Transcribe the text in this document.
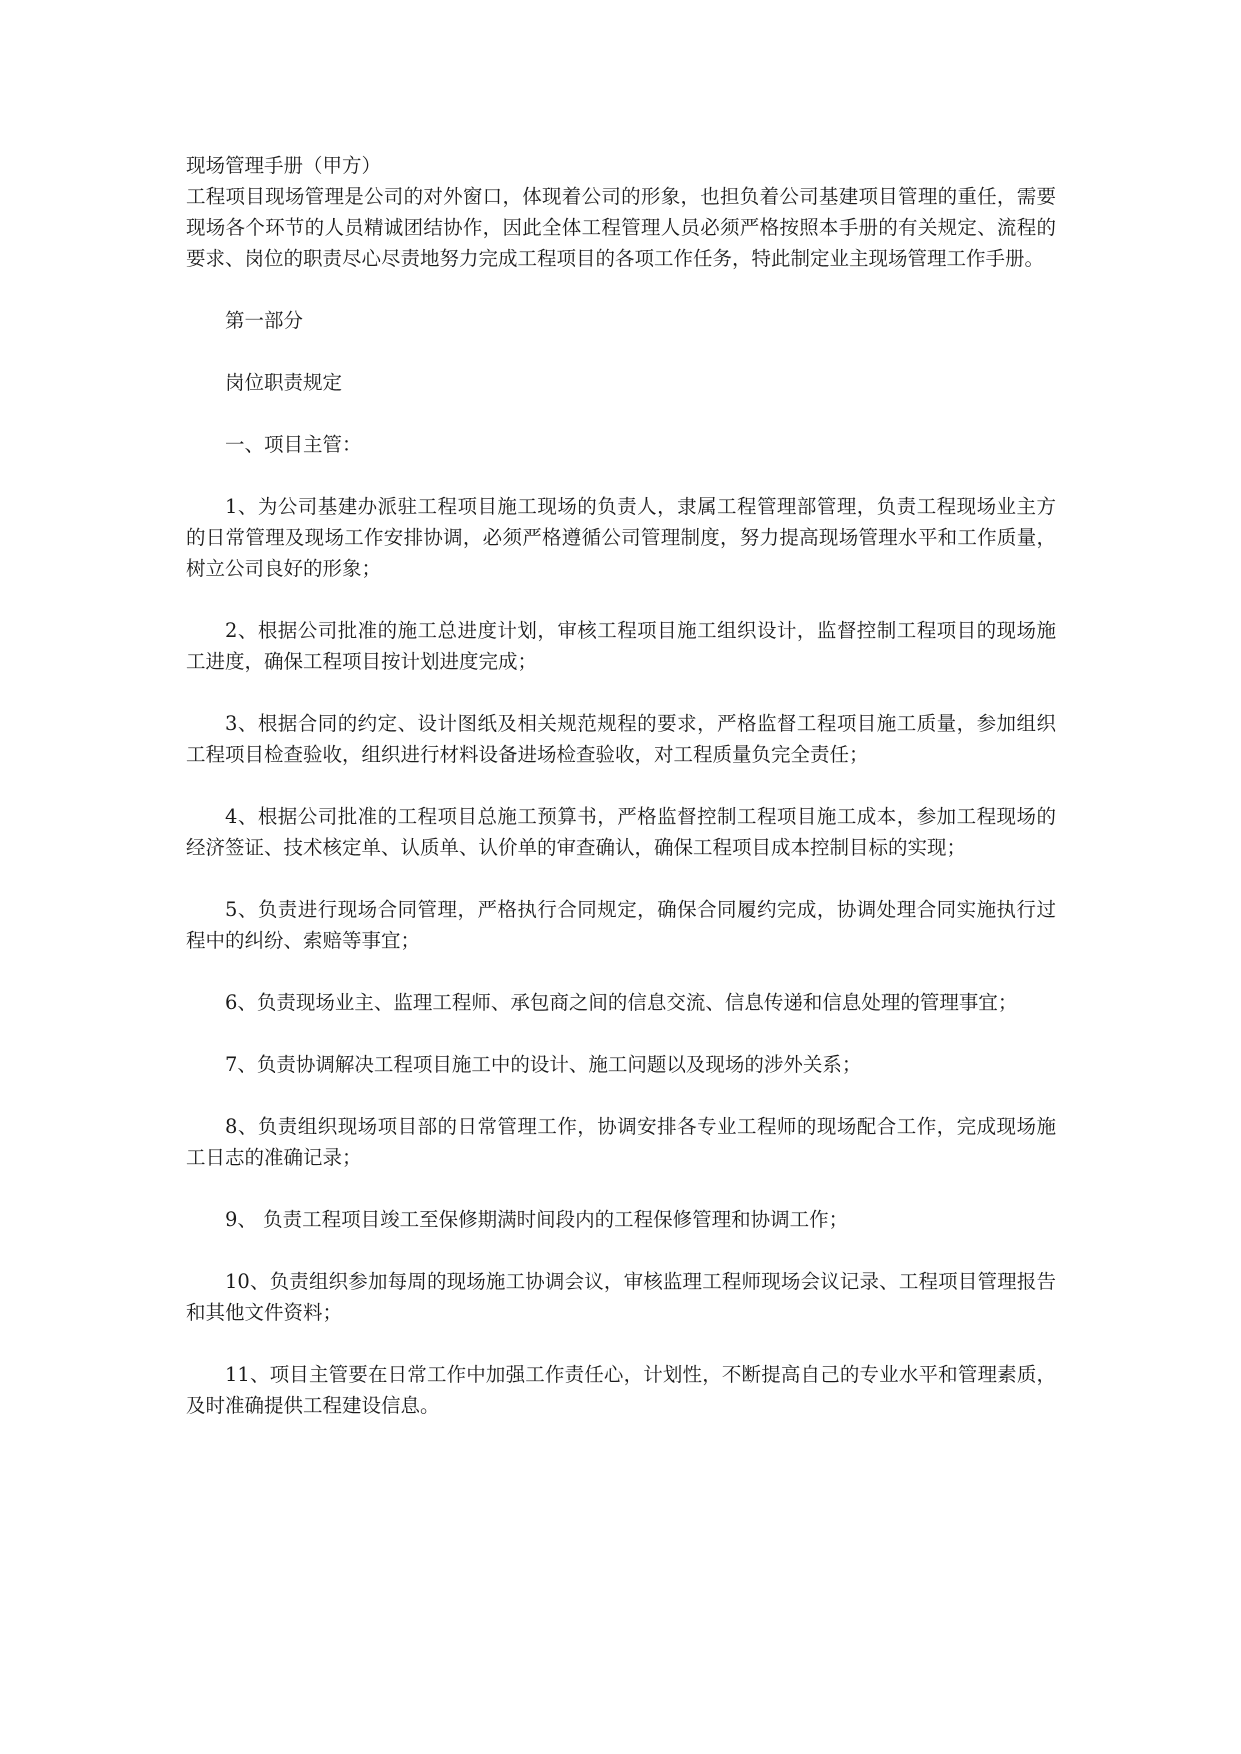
现场管理手册（甲方）

工程项目现场管理是公司的对外窗口，体现着公司的形象，也担负着公司基建项目管理的重任，需要现场各个环节的人员精诚团结协作，因此全体工程管理人员必须严格按照本手册的有关规定、流程的要求、岗位的职责尽心尽责地努力完成工程项目的各项工作任务，特此制定业主现场管理工作手册。

第一部分

岗位职责规定

一、项目主管：

1、为公司基建办派驻工程项目施工现场的负责人，隶属工程管理部管理，负责工程现场业主方的日常管理及现场工作安排协调，必须严格遵循公司管理制度，努力提高现场管理水平和工作质量，树立公司良好的形象；

2、根据公司批准的施工总进度计划，审核工程项目施工组织设计，监督控制工程项目的现场施工进度，确保工程项目按计划进度完成；

3、根据合同的约定、设计图纸及相关规范规程的要求，严格监督工程项目施工质量，参加组织工程项目检查验收，组织进行材料设备进场检查验收，对工程质量负完全责任；

4、根据公司批准的工程项目总施工预算书，严格监督控制工程项目施工成本，参加工程现场的经济签证、技术核定单、认质单、认价单的审查确认，确保工程项目成本控制目标的实现；

5、负责进行现场合同管理，严格执行合同规定，确保合同履约完成，协调处理合同实施执行过程中的纠纷、索赔等事宜；

6、负责现场业主、监理工程师、承包商之间的信息交流、信息传递和信息处理的管理事宜；

7、负责协调解决工程项目施工中的设计、施工问题以及现场的涉外关系；

8、负责组织现场项目部的日常管理工作，协调安排各专业工程师的现场配合工作，完成现场施工日志的准确记录；

9、 负责工程项目竣工至保修期满时间段内的工程保修管理和协调工作；

10、负责组织参加每周的现场施工协调会议，审核监理工程师现场会议记录、工程项目管理报告和其他文件资料；

11、项目主管要在日常工作中加强工作责任心，计划性，不断提高自己的专业水平和管理素质，及时准确提供工程建设信息。
